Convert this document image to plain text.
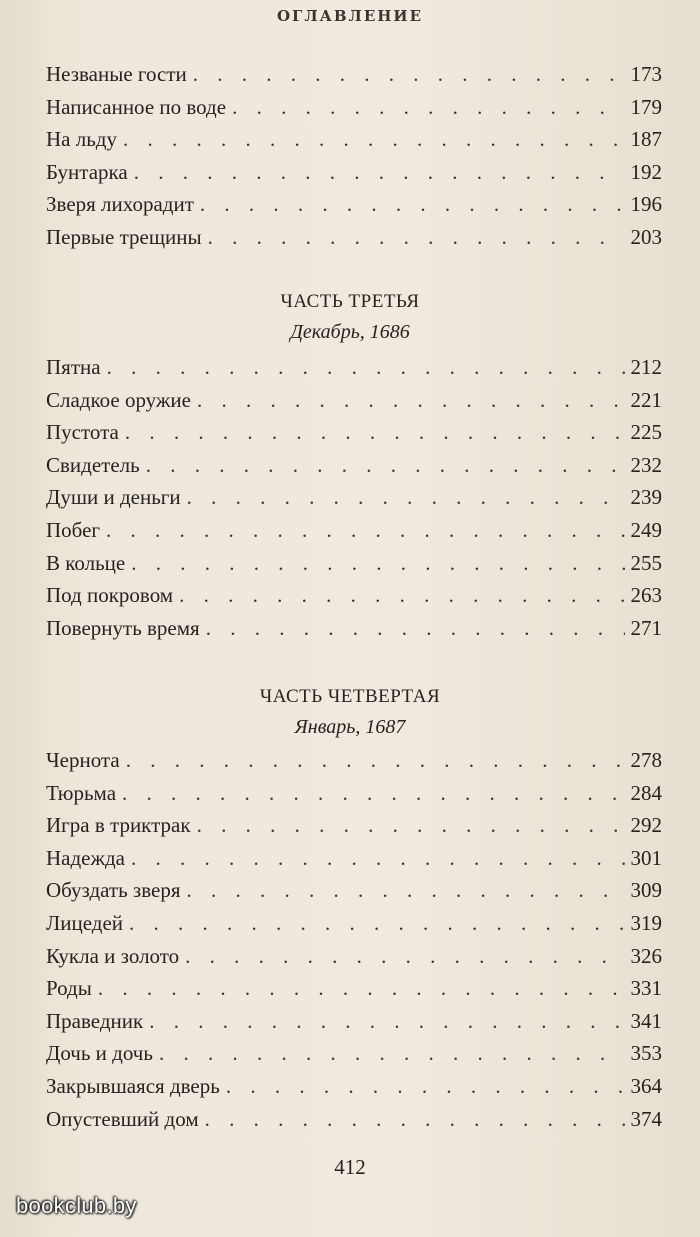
ОГЛАВЛЕНИЕ
Незваные гости . . .	173
Написанное по воде . . .	179
На льду . . .	187
Бунтарка . . .	192
Зверя лихорадит . . .	196
Первые трещины . . .	203
ЧАСТЬ ТРЕТЬЯ
Декабрь, 1686
Пятна . . .	212
Сладкое оружие . . .	221
Пустота . . .	225
Свидетель . . .	232
Души и деньги . . .	239
Побег . . .	249
В кольце . . .	255
Под покровом . . .	263
Повернуть время . . .	271
ЧАСТЬ ЧЕТВЕРТАЯ
Январь, 1687
Чернота . . .	278
Тюрьма . . .	284
Игра в триктрак . . .	292
Надежда . . .	301
Обуздать зверя . . .	309
Лицедей . . .	319
Кукла и золото . . .	326
Роды . . .	331
Праведник . . .	341
Дочь и дочь . . .	353
Закрывшаяся дверь . . .	364
Опустевший дом . . .	374
412
bookclub.by
